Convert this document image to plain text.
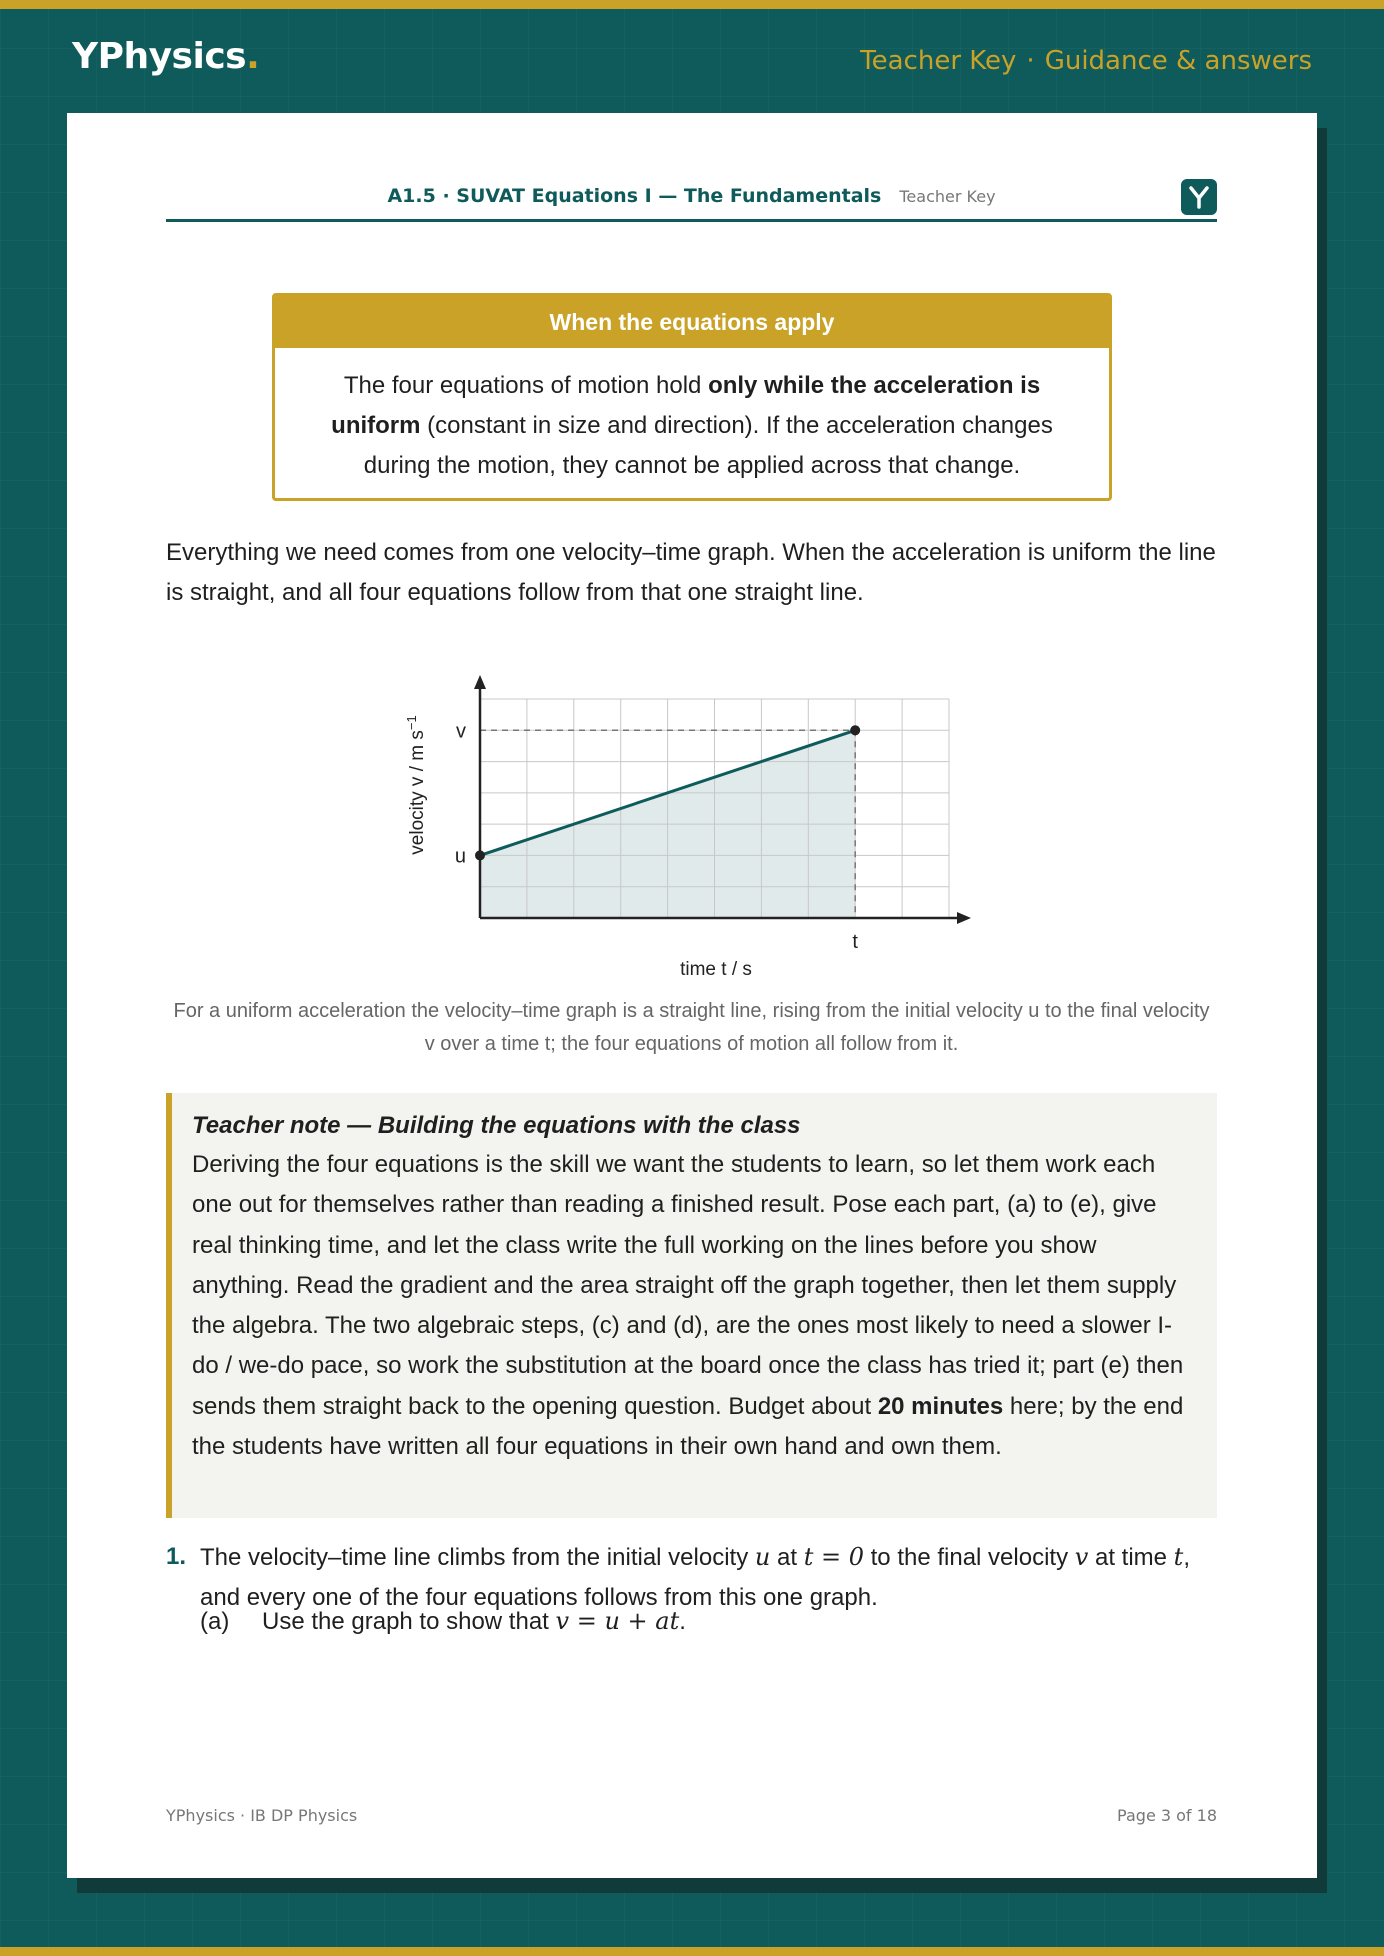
YPhysics.	Teacher Key · Guidance & answers
A1.5 · SUVAT Equations I — The Fundamentals Teacher Key
When the equations apply
The four equations of motion hold only while the acceleration is uniform (constant in size and direction). If the acceleration changes during the motion, they cannot be applied across that change.

Everything we need comes from one velocity–time graph. When the acceleration is uniform the line is straight, and all four equations follow from that one straight line.

u
v
t
time t / s
velocity v / m $s^{-1}$

For a uniform acceleration the velocity–time graph is a straight line, rising from the initial velocity u to the final velocity v over a time t; the four equations of motion all follow from it.

Teacher note — Building the equations with the class
Deriving the four equations is the skill we want the students to learn, so let them work each one out for themselves rather than reading a finished result. Pose each part, (a) to (e), give real thinking time, and let the class write the full working on the lines before you show anything. Read the gradient and the area straight off the graph together, then let them supply the algebra. The two algebraic steps, (c) and (d), are the ones most likely to need a slower I-do / we-do pace, so work the substitution at the board once the class has tried it; part (e) then sends them straight back to the opening question. Budget about 20 minutes here; by the end the students have written all four equations in their own hand and own them.
1. The velocity–time line climbs from the initial velocity u at t = 0 to the final velocity v at time t, and every one of the four equations follows from this one graph.
(a) Use the graph to show that v = u + at.
YPhysics · IB DP Physics	Page 3 of 18
